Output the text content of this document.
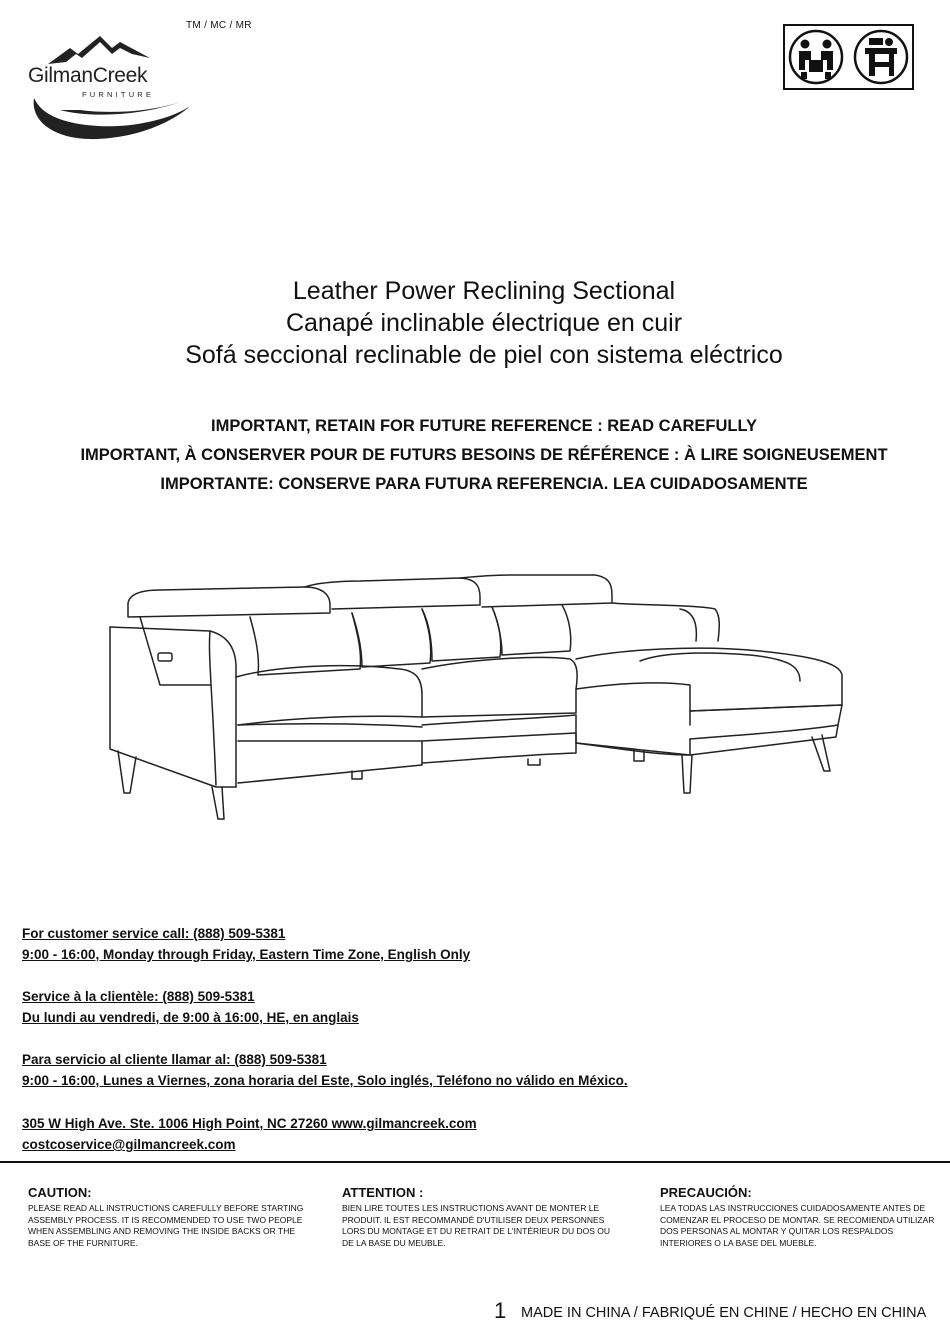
TM / MC / MR
GilmanCreek
FURNITURE
Leather Power Reclining Sectional
Canapé inclinable électrique en cuir
Sofá seccional reclinable de piel con sistema eléctrico
IMPORTANT, RETAIN FOR FUTURE REFERENCE : READ CAREFULLY
IMPORTANT, À CONSERVER POUR DE FUTURS BESOINS DE RÉFÉRENCE : À LIRE SOIGNEUSEMENT
IMPORTANTE: CONSERVE PARA FUTURA REFERENCIA. LEA CUIDADOSAMENTE
For customer service call: (888) 509-5381
9:00 - 16:00, Monday through Friday, Eastern Time Zone, English Only
Service à la clientèle: (888) 509-5381
Du lundi au vendredi, de 9:00 à 16:00, HE, en anglais
Para servicio al cliente llamar al: (888) 509-5381
9:00 - 16:00, Lunes a Viernes, zona horaria del Este, Solo inglés, Teléfono no válido en México.
305 W High Ave. Ste. 1006 High Point, NC 27260 www.gilmancreek.com
costcoservice@gilmancreek.com
CAUTION:
PLEASE READ ALL INSTRUCTIONS CAREFULLY BEFORE STARTING ASSEMBLY PROCESS. IT IS RECOMMENDED TO USE TWO PEOPLE WHEN ASSEMBLING AND REMOVING THE INSIDE BACKS OR THE BASE OF THE FURNITURE.
ATTENTION :
BIEN LIRE TOUTES LES INSTRUCTIONS AVANT DE MONTER LE PRODUIT. IL EST RECOMMANDÉ D'UTILISER DEUX PERSONNES LORS DU MONTAGE ET DU RETRAIT DE L'INTÉRIEUR DU DOS OU DE LA BASE DU MEUBLE.
PRECAUCIÓN:
LEA TODAS LAS INSTRUCCIONES CUIDADOSAMENTE ANTES DE COMENZAR EL PROCESO DE MONTAR. SE RECOMIENDA UTILIZAR DOS PERSONAS AL MONTAR Y QUITAR LOS RESPALDOS INTERIORES O LA BASE DEL MUEBLE.
1 MADE IN CHINA / FABRIQUÉ EN CHINE / HECHO EN CHINA
